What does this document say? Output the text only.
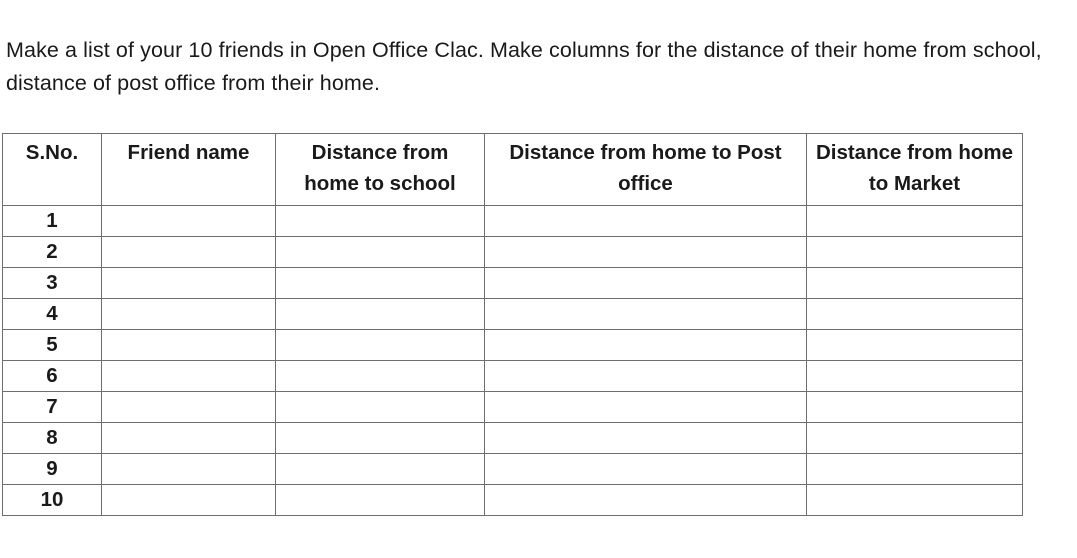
Make a list of your 10 friends in Open Office Clac. Make columns for the distance of their home from school, distance of post office from their home.

S.No.	Friend name	Distance from home to school	Distance from home to Post office	Distance from home to Market

1				
2				
3				
4				
5				
6				
7				
8				
9				
10				
